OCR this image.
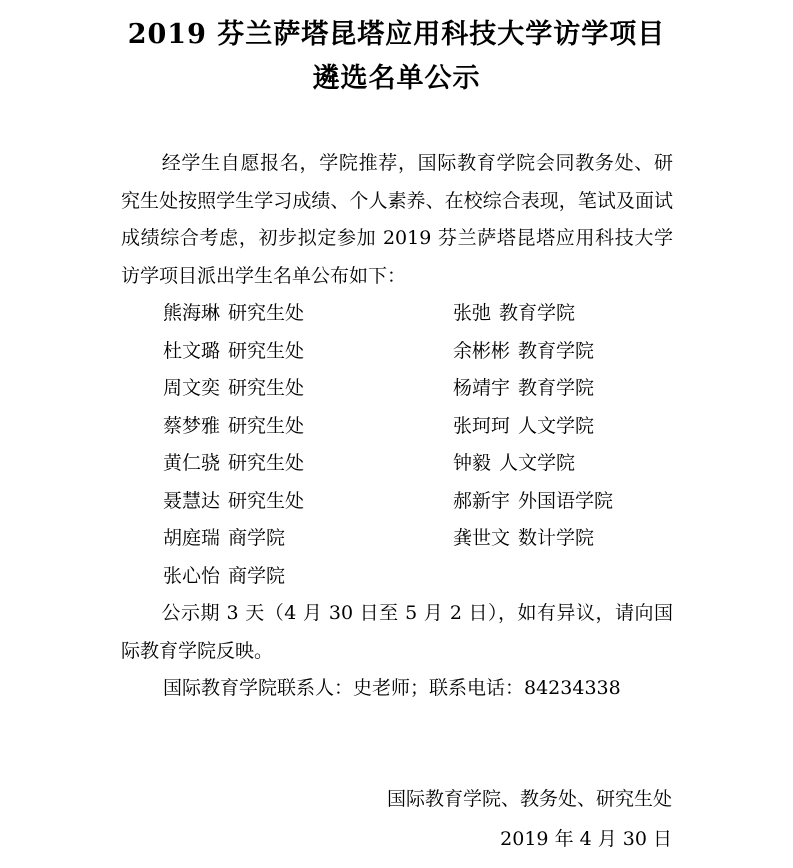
2019 芬兰萨塔昆塔应用科技大学访学项目
遴选名单公示
经学生自愿报名，学院推荐，国际教育学院会同教务处、研究生处按照学生学习成绩、个人素养、在校综合表现，笔试及面试成绩综合考虑，初步拟定参加 2019 芬兰萨塔昆塔应用科技大学访学项目派出学生名单公布如下：
熊海琳 研究生处	张弛 教育学院
杜文璐 研究生处	余彬彬 教育学院
周文奕 研究生处	杨靖宇 教育学院
蔡梦雅 研究生处	张珂珂 人文学院
黄仁骁 研究生处	钟毅 人文学院
聂慧达 研究生处	郝新宇 外国语学院
胡庭瑞 商学院	龚世文 数计学院
张心怡 商学院
公示期 3 天（4 月 30 日至 5 月 2 日），如有异议，请向国际教育学院反映。
国际教育学院联系人：史老师；联系电话：84234338
国际教育学院、教务处、研究生处
2019 年 4 月 30 日
